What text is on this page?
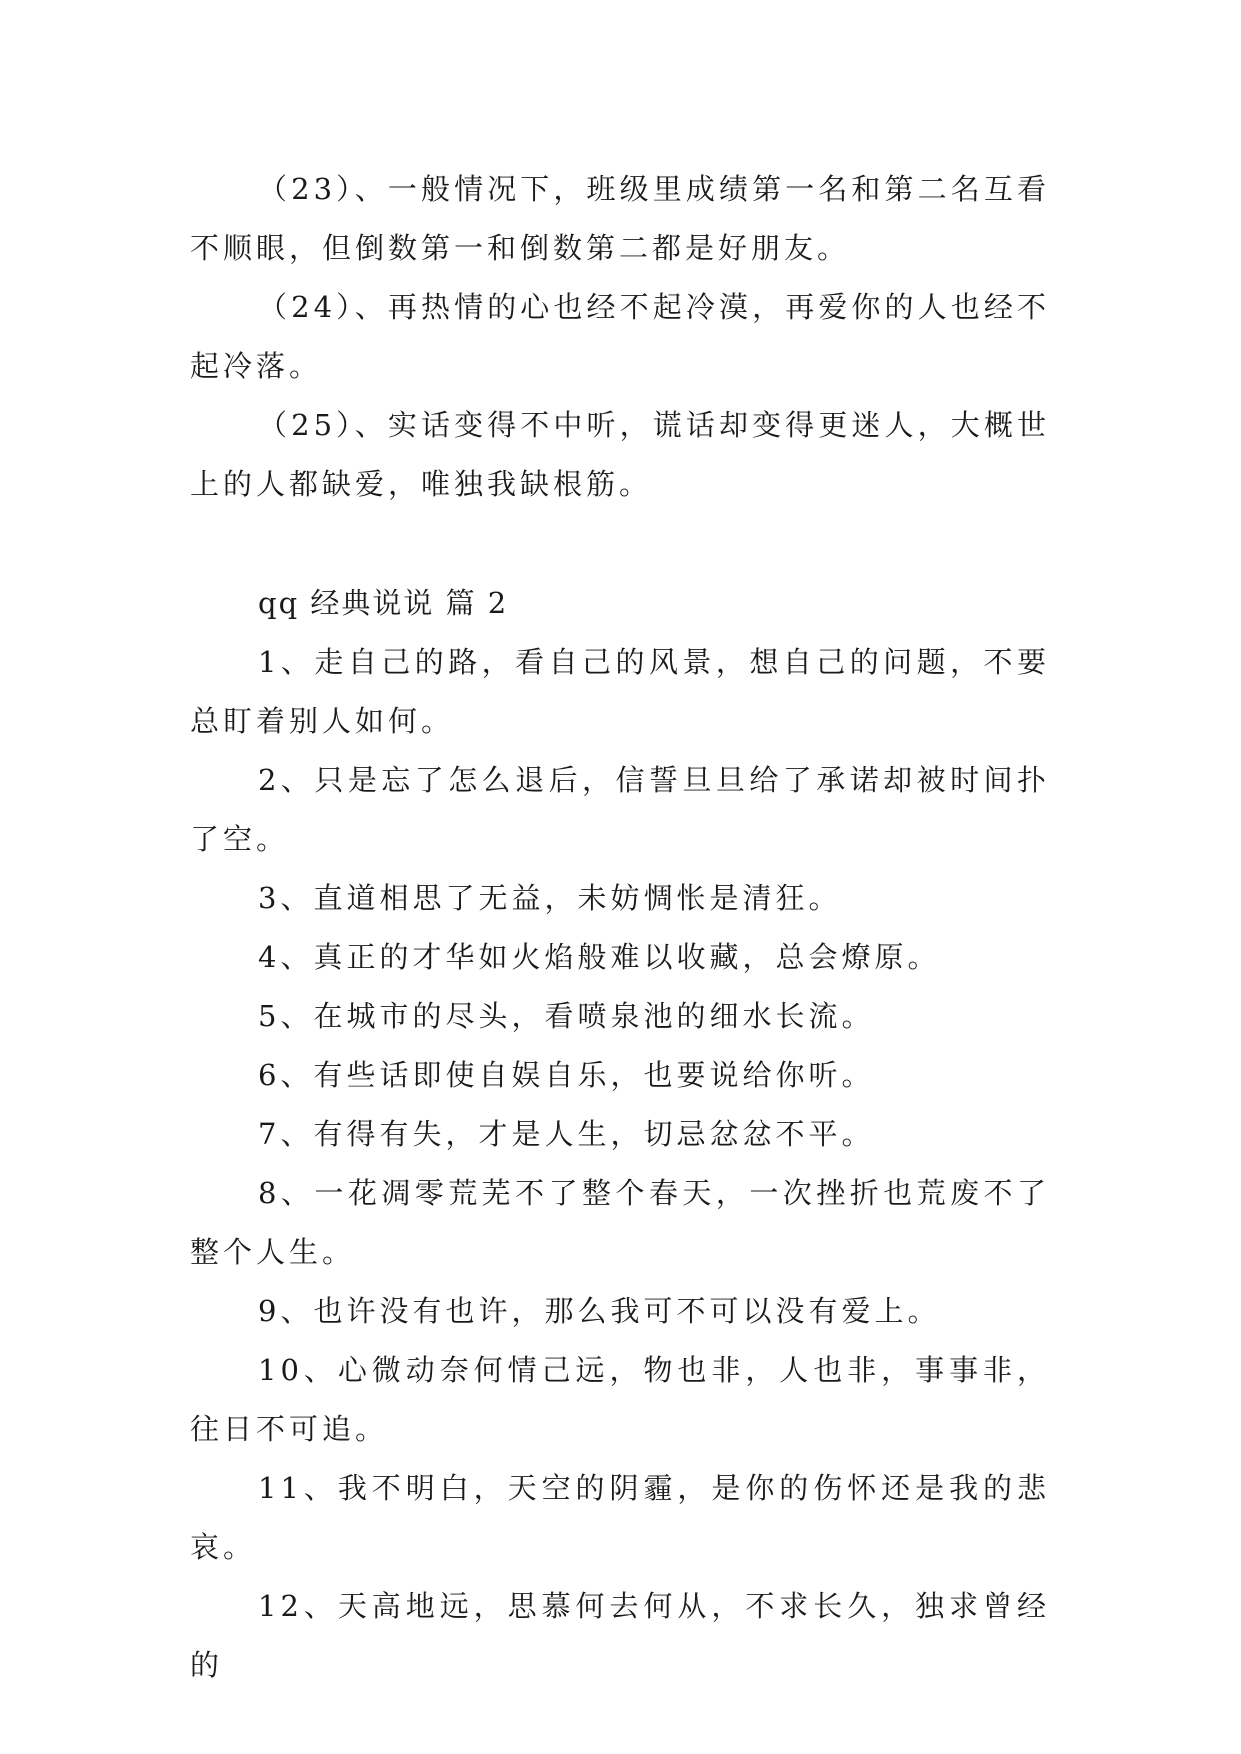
（23）、一般情况下，班级里成绩第一名和第二名互看不顺眼，但倒数第一和倒数第二都是好朋友。

（24）、再热情的心也经不起冷漠，再爱你的人也经不起冷落。

（25）、实话变得不中听，谎话却变得更迷人，大概世上的人都缺爱，唯独我缺根筋。

qq 经典说说 篇 2

1、走自己的路，看自己的风景，想自己的问题，不要总盯着别人如何。

2、只是忘了怎么退后，信誓旦旦给了承诺却被时间扑了空。

3、直道相思了无益，未妨惆怅是清狂。

4、真正的才华如火焰般难以收藏，总会燎原。

5、在城市的尽头，看喷泉池的细水长流。

6、有些话即使自娱自乐，也要说给你听。

7、有得有失，才是人生，切忌忿忿不平。

8、一花凋零荒芜不了整个春天，一次挫折也荒废不了整个人生。

9、也许没有也许，那么我可不可以没有爱上。

10、心微动奈何情己远，物也非，人也非，事事非，往日不可追。

11、我不明白，天空的阴霾，是你的伤怀还是我的悲哀。

12、天高地远，思慕何去何从，不求长久，独求曾经的
